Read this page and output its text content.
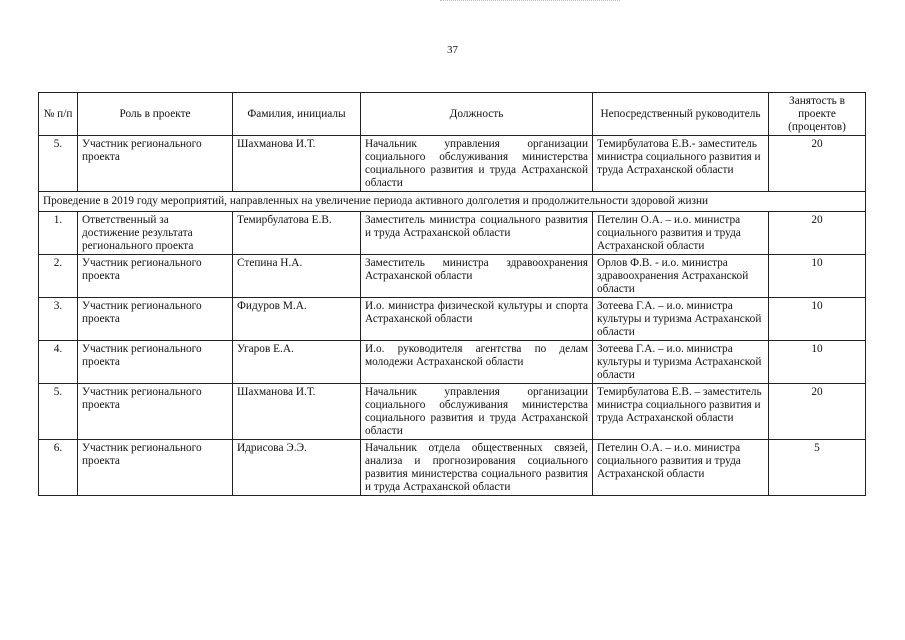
37
№ п/п	Роль в проекте	Фамилия, инициалы	Должность	Непосредственный руководитель	Занятость в проекте (процентов)
5.	Участник регионального проекта	Шахманова И.Т.	Начальник управления организации социального обслуживания министерства социального развития и труда Астраханской области	Темирбулатова Е.В.- заместитель министра социального развития и труда Астраханской области	20
Проведение в 2019 году мероприятий, направленных на увеличение периода активного долголетия и продолжительности здоровой жизни					
1.	Ответственный за достижение результата регионального проекта	Темирбулатова Е.В.	Заместитель министра социального развития и труда Астраханской области	Петелин О.А. – и.о. министра социального развития и труда Астраханской области	20
2.	Участник регионального проекта	Степина Н.А.	Заместитель министра здравоохранения Астраханской области	Орлов Ф.В. - и.о. министра здравоохранения Астраханской области	10
3.	Участник регионального проекта	Фидуров М.А.	И.о. министра физической культуры и спорта Астраханской области	Зотеева Г.А. – и.о. министра культуры и туризма Астраханской области	10
4.	Участник регионального проекта	Угаров Е.А.	И.о. руководителя агентства по делам молодежи Астраханской области	Зотеева Г.А. – и.о. министра культуры и туризма Астраханской области	10
5.	Участник регионального проекта	Шахманова И.Т.	Начальник управления организации социального обслуживания министерства социального развития и труда Астраханской области	Темирбулатова Е.В. – заместитель министра социального развития и труда Астраханской области	20
6.	Участник регионального проекта	Идрисова Э.Э.	Начальник отдела общественных связей, анализа и прогнозирования социального развития министерства социального развития и труда Астраханской области	Петелин О.А. – и.о. министра социального развития и труда Астраханской области	5
